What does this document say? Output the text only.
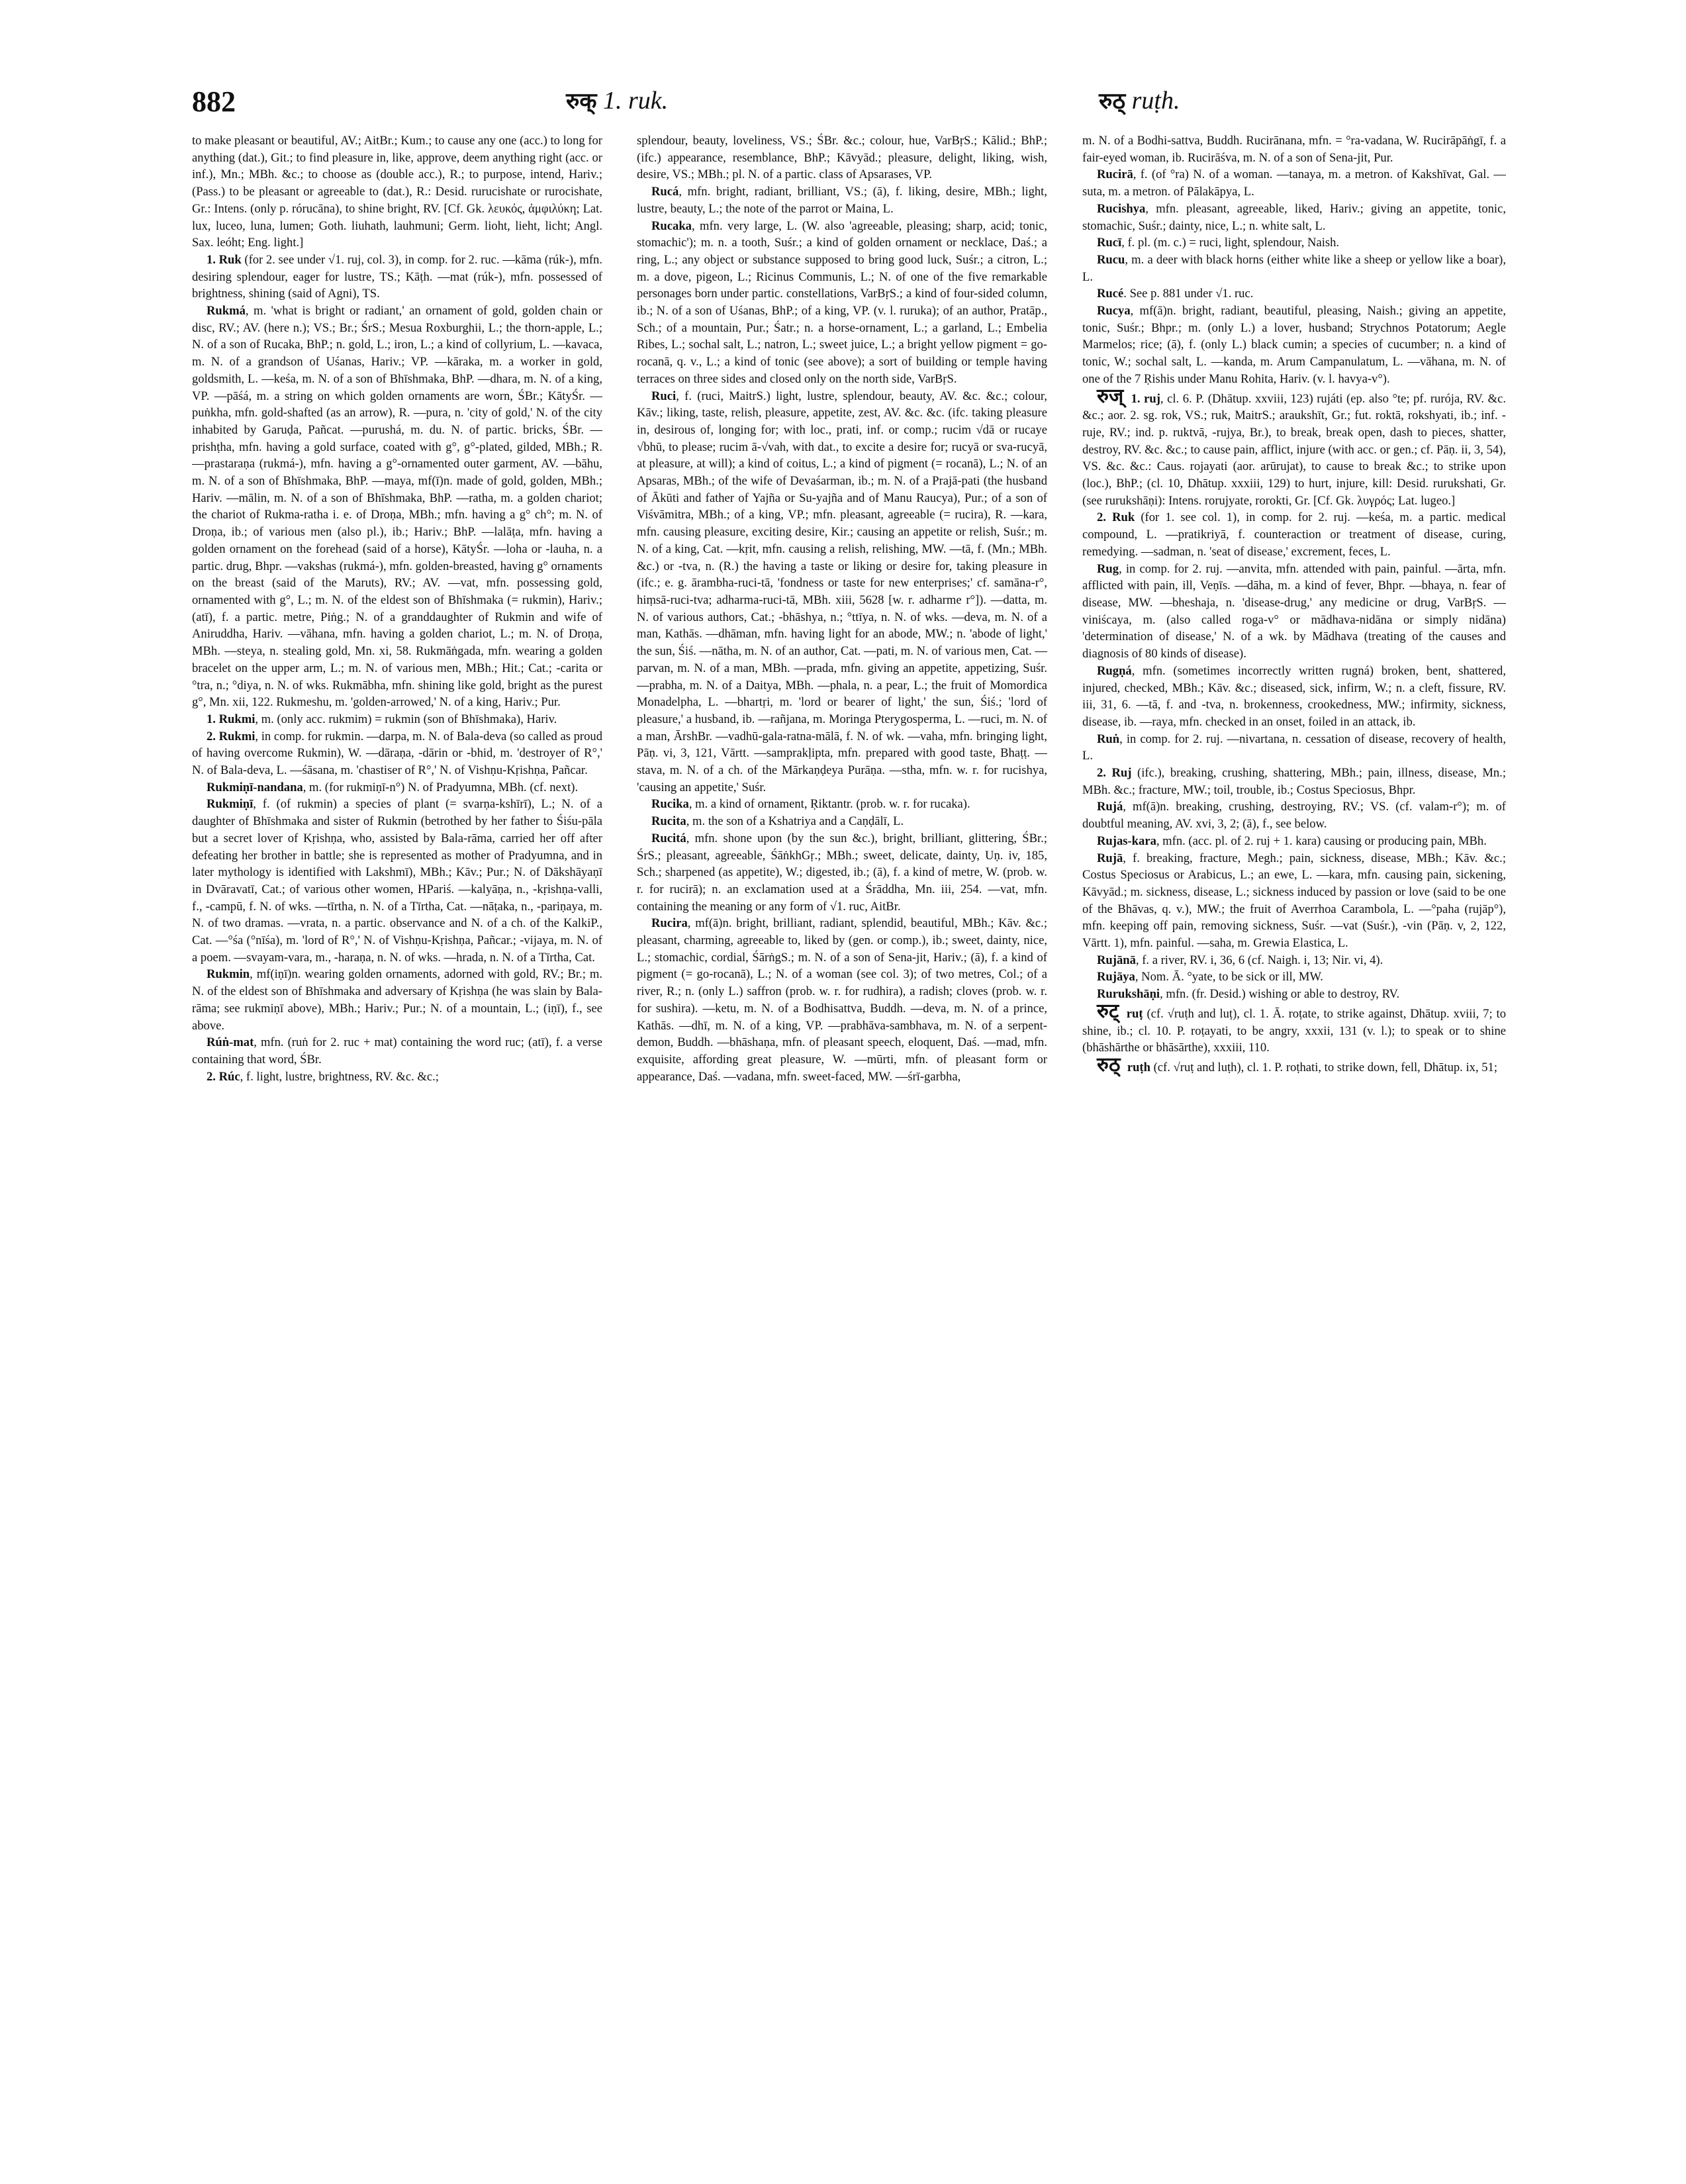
882	रुक् 1. ruk.	रुठ् ruṭh.

to make pleasant or beautiful, AV.; AitBr.; Kum.; to cause any one (acc.) to long for anything (dat.), Git.; to find pleasure in, like, approve, deem anything right (acc. or inf.), Mn.; MBh. &c.; to choose as (double acc.), R.; to purpose, intend, Hariv.; (Pass.) to be pleasant or agreeable to (dat.), R.: Desid. rurucishate or rurocishate, Gr.: Intens. (only p. rórucāna), to shine bright, RV. [Cf. Gk. λευκός, ἀμφιλύκη; Lat. lux, luceo, luna, lumen; Goth. liuhath, lauhmuni; Germ. lioht, lieht, licht; Angl. Sax. leóht; Eng. light.]

1. Ruk (for 2. see under √1. ruj, col. 3), in comp. for 2. ruc. —kāma (rúk-), mfn. desiring splendour, eager for lustre, TS.; Kāṭh. —mat (rúk-), mfn. possessed of brightness, shining (said of Agni), TS.

Rukmá, m. 'what is bright or radiant,' an ornament of gold, golden chain or disc, RV.; AV. (here n.); VS.; Br.; ŚrS.; Mesua Roxburghii, L.; the thorn-apple, L.; N. of a son of Rucaka, BhP.; n. gold, L.; iron, L.; a kind of collyrium, L. —kavaca, m. N. of a grandson of Uśanas, Hariv.; VP. —kāraka, m. a worker in gold, goldsmith, L. —keśa, m. N. of a son of Bhīshmaka, BhP. —dhara, m. N. of a king, VP. —pāśá, m. a string on which golden ornaments are worn, ŚBr.; KātyŚr. —puṅkha, mfn. gold-shafted (as an arrow), R. —pura, n. 'city of gold,' N. of the city inhabited by Garuḍa, Pañcat. —purushá, m. du. N. of partic. bricks, ŚBr. —prishṭha, mfn. having a gold surface, coated with g°, g°-plated, gilded, MBh.; R. —prastaraṇa (rukmá-), mfn. having a g°-ornamented outer garment, AV. —bāhu, m. N. of a son of Bhīshmaka, BhP. —maya, mf(ī)n. made of gold, golden, MBh.; Hariv. —mālin, m. N. of a son of Bhīshmaka, BhP. —ratha, m. a golden chariot; the chariot of Rukma-ratha i. e. of Droṇa, MBh.; mfn. having a g° ch°; m. N. of Droṇa, ib.; of various men (also pl.), ib.; Hariv.; BhP. —lalāṭa, mfn. having a golden ornament on the forehead (said of a horse), KātyŚr. —loha or -lauha, n. a partic. drug, Bhpr. —vakshas (rukmá-), mfn. golden-breasted, having g° ornaments on the breast (said of the Maruts), RV.; AV. —vat, mfn. possessing gold, ornamented with g°, L.; m. N. of the eldest son of Bhīshmaka (= rukmin), Hariv.; (atī), f. a partic. metre, Piṅg.; N. of a granddaughter of Rukmin and wife of Aniruddha, Hariv. —vāhana, mfn. having a golden chariot, L.; m. N. of Droṇa, MBh. —steya, n. stealing gold, Mn. xi, 58. Rukmāṅgada, mfn. wearing a golden bracelet on the upper arm, L.; m. N. of various men, MBh.; Hit.; Cat.; -carita or °tra, n.; °diya, n. N. of wks. Rukmābha, mfn. shining like gold, bright as the purest g°, Mn. xii, 122. Rukmeshu, m. 'golden-arrowed,' N. of a king, Hariv.; Pur.

1. Rukmi, m. (only acc. rukmim) = rukmin (son of Bhīshmaka), Hariv.

2. Rukmi, in comp. for rukmin. —darpa, m. N. of Bala-deva (so called as proud of having overcome Rukmin), W. —dāraṇa, -dārin or -bhid, m. 'destroyer of R°,' N. of Bala-deva, L. —śāsana, m. 'chastiser of R°,' N. of Vishṇu-Kṛishṇa, Pañcar.

Rukmiṇī-nandana, m. (for rukmiṇī-n°) N. of Pradyumna, MBh. (cf. next).

Rukmiṇī, f. (of rukmin) a species of plant (= svarṇa-kshīrī), L.; N. of a daughter of Bhīshmaka and sister of Rukmin (betrothed by her father to Śiśu-pāla but a secret lover of Kṛishṇa, who, assisted by Bala-rāma, carried her off after defeating her brother in battle; she is represented as mother of Pradyumna, and in later mythology is identified with Lakshmī), MBh.; Kāv.; Pur.; N. of Dākshāyaṇī in Dvāravatī, Cat.; of various other women, HPariś. —kalyāṇa, n., -kṛishṇa-valli, f., -campū, f. N. of wks. —tīrtha, n. N. of a Tīrtha, Cat. —nāṭaka, n., -pariṇaya, m. N. of two dramas. —vrata, n. a partic. observance and N. of a ch. of the KalkiP., Cat. —°śa (°nīśa), m. 'lord of R°,' N. of Vishṇu-Kṛishṇa, Pañcar.; -vijaya, m. N. of a poem. —svayam-vara, m., -haraṇa, n. N. of wks. —hrada, n. N. of a Tīrtha, Cat.

Rukmin, mf(iṇī)n. wearing golden ornaments, adorned with gold, RV.; Br.; m. N. of the eldest son of Bhīshmaka and adversary of Kṛishṇa (he was slain by Bala-rāma; see rukmiṇī above), MBh.; Hariv.; Pur.; N. of a mountain, L.; (iṇī), f., see above.

Rúṅ-mat, mfn. (ruṅ for 2. ruc + mat) containing the word ruc; (atī), f. a verse containing that word, ŚBr.

2. Rúc, f. light, lustre, brightness, RV. &c. &c.;

splendour, beauty, loveliness, VS.; ŚBr. &c.; colour, hue, VarBṛS.; Kālid.; BhP.; (ifc.) appearance, resemblance, BhP.; Kāvyād.; pleasure, delight, liking, wish, desire, VS.; MBh.; pl. N. of a partic. class of Apsarases, VP.

Rucá, mfn. bright, radiant, brilliant, VS.; (ā), f. liking, desire, MBh.; light, lustre, beauty, L.; the note of the parrot or Maina, L.

Rucaka, mfn. very large, L. (W. also 'agreeable, pleasing; sharp, acid; tonic, stomachic'); m. n. a tooth, Suśr.; a kind of golden ornament or necklace, Daś.; a ring, L.; any object or substance supposed to bring good luck, Suśr.; a citron, L.; m. a dove, pigeon, L.; Ricinus Communis, L.; N. of one of the five remarkable personages born under partic. constellations, VarBṛS.; a kind of four-sided column, ib.; N. of a son of Uśanas, BhP.; of a king, VP. (v. l. ruruka); of an author, Pratāp., Sch.; of a mountain, Pur.; Śatr.; n. a horse-ornament, L.; a garland, L.; Embelia Ribes, L.; sochal salt, L.; natron, L.; sweet juice, L.; a bright yellow pigment = go-rocanā, q. v., L.; a kind of tonic (see above); a sort of building or temple having terraces on three sides and closed only on the north side, VarBṛS.

Ruci, f. (ruci, MaitrS.) light, lustre, splendour, beauty, AV. &c. &c.; colour, Kāv.; liking, taste, relish, pleasure, appetite, zest, AV. &c. &c. (ifc. taking pleasure in, desirous of, longing for; with loc., prati, inf. or comp.; rucim √dā or rucaye √bhū, to please; rucim ā-√vah, with dat., to excite a desire for; rucyā or sva-rucyā, at pleasure, at will); a kind of coitus, L.; a kind of pigment (= rocanā), L.; N. of an Apsaras, MBh.; of the wife of Devaśarman, ib.; m. N. of a Prajā-pati (the husband of Ākūti and father of Yajña or Su-yajña and of Manu Raucya), Pur.; of a son of Viśvāmitra, MBh.; of a king, VP.; mfn. pleasant, agreeable (= rucira), R. —kara, mfn. causing pleasure, exciting desire, Kir.; causing an appetite or relish, Suśr.; m. N. of a king, Cat. —kṛit, mfn. causing a relish, relishing, MW. —tā, f. (Mn.; MBh. &c.) or -tva, n. (R.) the having a taste or liking or desire for, taking pleasure in (ifc.; e. g. ārambha-ruci-tā, 'fondness or taste for new enterprises;' cf. samāna-r°, hiṃsā-ruci-tva; adharma-ruci-tā, MBh. xiii, 5628 [w. r. adharme r°]). —datta, m. N. of various authors, Cat.; -bhāshya, n.; °ttīya, n. N. of wks. —deva, m. N. of a man, Kathās. —dhāman, mfn. having light for an abode, MW.; n. 'abode of light,' the sun, Śiś. —nātha, m. N. of an author, Cat. —pati, m. N. of various men, Cat. —parvan, m. N. of a man, MBh. —prada, mfn. giving an appetite, appetizing, Suśr. —prabha, m. N. of a Daitya, MBh. —phala, n. a pear, L.; the fruit of Momordica Monadelpha, L. —bhartṛi, m. 'lord or bearer of light,' the sun, Śiś.; 'lord of pleasure,' a husband, ib. —rañjana, m. Moringa Pterygosperma, L. —ruci, m. N. of a man, ĀrshBr. —vadhū-gala-ratna-mālā, f. N. of wk. —vaha, mfn. bringing light, Pāṇ. vi, 3, 121, Vārtt. —samprakḷipta, mfn. prepared with good taste, Bhaṭṭ. —stava, m. N. of a ch. of the Mārkaṇḍeya Purāṇa. —stha, mfn. w. r. for rucishya, 'causing an appetite,' Suśr.

Rucika, m. a kind of ornament, Ṛiktantr. (prob. w. r. for rucaka).

Rucita, m. the son of a Kshatriya and a Caṇḍālī, L.

Rucitá, mfn. shone upon (by the sun &c.), bright, brilliant, glittering, ŚBr.; ŚrS.; pleasant, agreeable, ŚāṅkhGṛ.; MBh.; sweet, delicate, dainty, Uṇ. iv, 185, Sch.; sharpened (as appetite), W.; digested, ib.; (ā), f. a kind of metre, W. (prob. w. r. for rucirā); n. an exclamation used at a Śrāddha, Mn. iii, 254. —vat, mfn. containing the meaning or any form of √1. ruc, AitBr.

Rucira, mf(ā)n. bright, brilliant, radiant, splendid, beautiful, MBh.; Kāv. &c.; pleasant, charming, agreeable to, liked by (gen. or comp.), ib.; sweet, dainty, nice, L.; stomachic, cordial, ŚārṅgS.; m. N. of a son of Sena-jit, Hariv.; (ā), f. a kind of pigment (= go-rocanā), L.; N. of a woman (see col. 3); of two metres, Col.; of a river, R.; n. (only L.) saffron (prob. w. r. for rudhira), a radish; cloves (prob. w. r. for sushira). —ketu, m. N. of a Bodhisattva, Buddh. —deva, m. N. of a prince, Kathās. —dhī, m. N. of a king, VP. —prabhāva-sambhava, m. N. of a serpent-demon, Buddh. —bhāshaṇa, mfn. of pleasant speech, eloquent, Daś. —mad, mfn. exquisite, affording great pleasure, W. —mūrti, mfn. of pleasant form or appearance, Daś. —vadana, mfn. sweet-faced, MW. —śrī-garbha,

m. N. of a Bodhi-sattva, Buddh. Rucirānana, mfn. = °ra-vadana, W. Rucirāpāṅgī, f. a fair-eyed woman, ib. Rucirāśva, m. N. of a son of Sena-jit, Pur.

Rucirā, f. (of °ra) N. of a woman. —tanaya, m. a metron. of Kakshīvat, Gal. —suta, m. a metron. of Pālakāpya, L.

Rucishya, mfn. pleasant, agreeable, liked, Hariv.; giving an appetite, tonic, stomachic, Suśr.; dainty, nice, L.; n. white salt, L.

Rucī, f. pl. (m. c.) = ruci, light, splendour, Naish.

Rucu, m. a deer with black horns (either white like a sheep or yellow like a boar), L.

Rucé. See p. 881 under √1. ruc.

Rucya, mf(ā)n. bright, radiant, beautiful, pleasing, Naish.; giving an appetite, tonic, Suśr.; Bhpr.; m. (only L.) a lover, husband; Strychnos Potatorum; Aegle Marmelos; rice; (ā), f. (only L.) black cumin; a species of cucumber; n. a kind of tonic, W.; sochal salt, L. —kanda, m. Arum Campanulatum, L. —vāhana, m. N. of one of the 7 Ṛishis under Manu Rohita, Hariv. (v. l. havya-v°).

रुज् 1. ruj, cl. 6. P. (Dhātup. xxviii, 123) rujáti (ep. also °te; pf. rurója, RV. &c. &c.; aor. 2. sg. rok, VS.; ruk, MaitrS.; araukshīt, Gr.; fut. roktā, rokshyati, ib.; inf. -ruje, RV.; ind. p. ruktvā, -rujya, Br.), to break, break open, dash to pieces, shatter, destroy, RV. &c. &c.; to cause pain, afflict, injure (with acc. or gen.; cf. Pāṇ. ii, 3, 54), VS. &c. &c.: Caus. rojayati (aor. arūrujat), to cause to break &c.; to strike upon (loc.), BhP.; (cl. 10, Dhātup. xxxiii, 129) to hurt, injure, kill: Desid. rurukshati, Gr. (see rurukshāṇi): Intens. rorujyate, rorokti, Gr. [Cf. Gk. λυγρός; Lat. lugeo.]

2. Ruk (for 1. see col. 1), in comp. for 2. ruj. —keśa, m. a partic. medical compound, L. —pratikriyā, f. counteraction or treatment of disease, curing, remedying. —sadman, n. 'seat of disease,' excrement, feces, L.

Rug, in comp. for 2. ruj. —anvita, mfn. attended with pain, painful. —ārta, mfn. afflicted with pain, ill, Veṇīs. —dāha, m. a kind of fever, Bhpr. —bhaya, n. fear of disease, MW. —bheshaja, n. 'disease-drug,' any medicine or drug, VarBṛS. —viniścaya, m. (also called roga-v° or mādhava-nidāna or simply nidāna) 'determination of disease,' N. of a wk. by Mādhava (treating of the causes and diagnosis of 80 kinds of disease).

Rugṇá, mfn. (sometimes incorrectly written rugná) broken, bent, shattered, injured, checked, MBh.; Kāv. &c.; diseased, sick, infirm, W.; n. a cleft, fissure, RV. iii, 31, 6. —tā, f. and -tva, n. brokenness, crookedness, MW.; infirmity, sickness, disease, ib. —raya, mfn. checked in an onset, foiled in an attack, ib.

Ruṅ, in comp. for 2. ruj. —nivartana, n. cessation of disease, recovery of health, L.

2. Ruj (ifc.), breaking, crushing, shattering, MBh.; pain, illness, disease, Mn.; MBh. &c.; fracture, MW.; toil, trouble, ib.; Costus Speciosus, Bhpr.

Rujá, mf(ā)n. breaking, crushing, destroying, RV.; VS. (cf. valam-r°); m. of doubtful meaning, AV. xvi, 3, 2; (ā), f., see below.

Rujas-kara, mfn. (acc. pl. of 2. ruj + 1. kara) causing or producing pain, MBh.

Rujā, f. breaking, fracture, Megh.; pain, sickness, disease, MBh.; Kāv. &c.; Costus Speciosus or Arabicus, L.; an ewe, L. —kara, mfn. causing pain, sickening, Kāvyād.; m. sickness, disease, L.; sickness induced by passion or love (said to be one of the Bhāvas, q. v.), MW.; the fruit of Averrhoa Carambola, L. —°paha (rujāp°), mfn. keeping off pain, removing sickness, Suśr. —vat (Suśr.), -vin (Pāṇ. v, 2, 122, Vārtt. 1), mfn. painful. —saha, m. Grewia Elastica, L.

Rujānā, f. a river, RV. i, 36, 6 (cf. Naigh. i, 13; Nir. vi, 4).

Rujāya, Nom. Ā. °yate, to be sick or ill, MW.

Rurukshāṇi, mfn. (fr. Desid.) wishing or able to destroy, RV.

रुट् ruṭ (cf. √ruṭh and luṭ), cl. 1. Ā. roṭate, to strike against, Dhātup. xviii, 7; to shine, ib.; cl. 10. P. roṭayati, to be angry, xxxii, 131 (v. l.); to speak or to shine (bhāshārthe or bhāsārthe), xxxiii, 110.

रुठ् ruṭh (cf. √ruṭ and luṭh), cl. 1. P. roṭhati, to strike down, fell, Dhātup. ix, 51;
